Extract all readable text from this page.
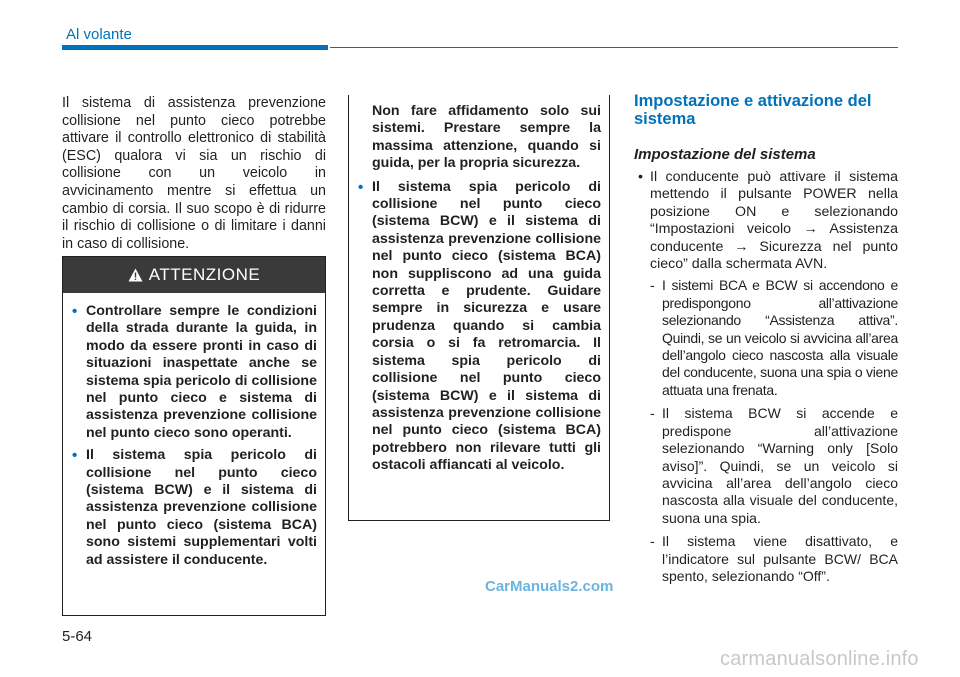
Al volante

Il sistema di assistenza prevenzione collisione nel punto cieco potrebbe attivare il controllo elettronico di stabilità (ESC) qualora vi sia un rischio di collisione con un veicolo in avvicinamento mentre si effettua un cambio di corsia. Il suo scopo è di ridurre il rischio di collisione o di limitare i danni in caso di collisione.

ATTENZIONE
• Controllare sempre le condizioni della strada durante la guida, in modo da essere pronti in caso di situazioni inaspettate anche se sistema spia pericolo di collisione nel punto cieco e sistema di assistenza prevenzione collisione nel punto cieco sono operanti.
• Il sistema spia pericolo di collisione nel punto cieco (sistema BCW) e il sistema di assistenza prevenzione collisione nel punto cieco (sistema BCA) sono sistemi supplementari volti ad assistere il conducente.
Non fare affidamento solo sui sistemi. Prestare sempre la massima attenzione, quando si guida, per la propria sicurezza.
• Il sistema spia pericolo di collisione nel punto cieco (sistema BCW) e il sistema di assistenza prevenzione collisione nel punto cieco (sistema BCA) non suppliscono ad una guida corretta e prudente. Guidare sempre in sicurezza e usare prudenza quando si cambia corsia o si fa retromarcia. Il sistema spia pericolo di collisione nel punto cieco (sistema BCW) e il sistema di assistenza prevenzione collisione nel punto cieco (sistema BCA) potrebbero non rilevare tutti gli ostacoli affiancati al veicolo.
Impostazione e attivazione del sistema
Impostazione del sistema
• Il conducente può attivare il sistema mettendo il pulsante POWER nella posizione ON e selezionando “Impostazioni veicolo → Assistenza conducente → Sicurezza nel punto cieco” dalla schermata AVN.
- I sistemi BCA e BCW si accendono e predispongono all’attivazione selezionando “Assistenza attiva”. Quindi, se un veicolo si avvicina all’area dell’angolo cieco nascosta alla visuale del conducente, suona una spia o viene attuata una frenata.
- Il sistema BCW si accende e predispone all’attivazione selezionando “Warning only [Solo aviso]”. Quindi, se un veicolo si avvicina all’area dell’angolo cieco nascosta alla visuale del conducente, suona una spia.
- Il sistema viene disattivato, e l’indicatore sul pulsante BCW/ BCA spento, selezionando “Off”.
CarManuals2.com
5-64
carmanualsonline.info
